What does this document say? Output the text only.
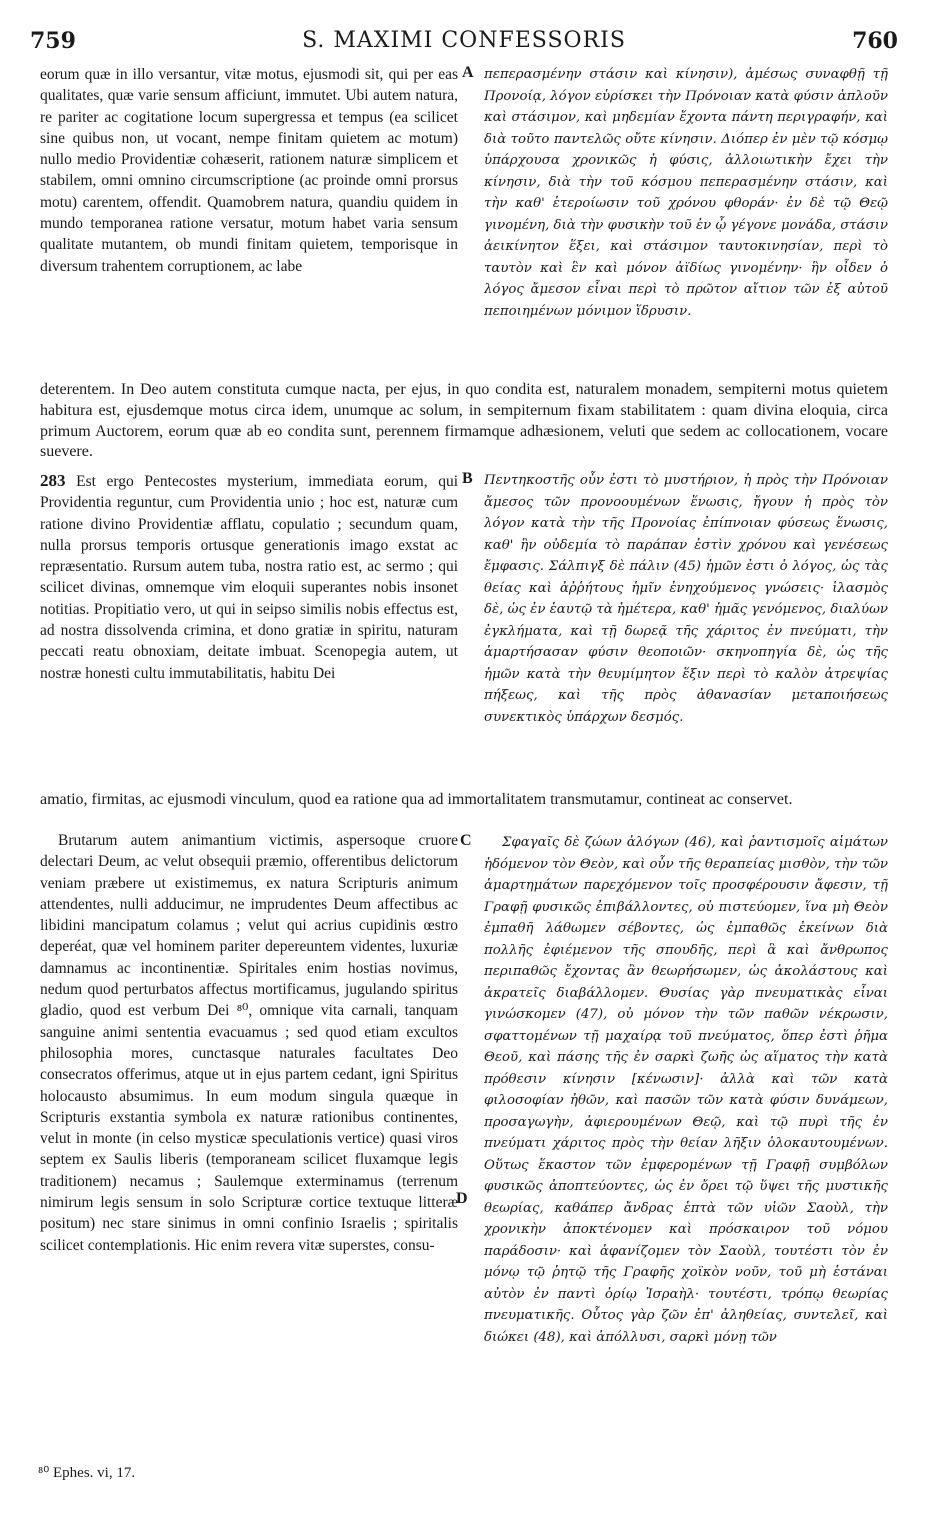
759	S. MAXIMI CONFESSORIS	760
eorum quæ in illo versantur, vitæ motus, ejusmodi sit, qui per eas qualitates, quæ varie sensum afficiunt, immutet. Ubi autem natura, re pariter ac cogitatione locum supergressa et tempus (ea scilicet sine quibus non, ut vocant, nempe finitam quietem ac motum) nullo medio Providentiæ cohæserit, rationem naturæ simplicem et stabilem, omni omnino circumscriptione (ac proinde omni prorsus motu) carentem, offendit. Quamobrem natura, quandiu quidem in mundo temporanea ratione versatur, motum habet varia sensum qualitate mutantem, ob mundi finitam quietem, temporisque in diversum trahentem corruptionem, ac labe
A πεπερασμένην στάσιν καὶ κίνησιν), ἀμέσως συναφθῇ τῇ Προνοίᾳ, λόγον εὑρίσκει τὴν Πρόνοιαν κατὰ φύσιν ἁπλοῦν καὶ στάσιμον, καὶ μηδεμίαν ἔχοντα πάντη περιγραφήν, καὶ διὰ τοῦτο παντελῶς οὔτε κίνησιν. Διόπερ ἐν μὲν τῷ κόσμῳ ὑπάρχουσα χρονικῶς ἡ φύσις, ἀλλοιωτικὴν ἔχει τὴν κίνησιν, διὰ τὴν τοῦ κόσμου πεπερασμένην στάσιν, καὶ τὴν καθ' ἑτεροίωσιν τοῦ χρόνου φθοράν· ἐν δὲ τῷ Θεῷ γινομένη, διὰ τὴν φυσικὴν τοῦ ἐν ᾧ γέγονε μονάδα, στάσιν ἀεικίνητον ἕξει, καὶ στάσιμον ταυτοκινησίαν, περὶ τὸ ταυτὸν καὶ ἓν καὶ μόνον ἀϊδίως γινομένην· ἣν οἶδεν ὁ λόγος ἄμεσον εἶναι περὶ τὸ πρῶτον αἴτιον τῶν ἐξ αὐτοῦ πεποιημένων μόνιμον ἵδρυσιν.
deterentem. In Deo autem constituta cumque nacta, per ejus, in quo condita est, naturalem monadem, sempiterni motus quietem habitura est, ejusdemque motus circa idem, unumque ac solum, in sempiternum fixam stabilitatem : quam divina eloquia, circa primum Auctorem, eorum quæ ab eo condita sunt, perennem firmamque adhæsionem, veluti que sedem ac collocationem, vocare suevere.
283 Est ergo Pentecostes mysterium, immediata eorum, qui Providentia reguntur, cum Providentia unio ; hoc est, naturæ cum ratione divino Providentiæ afflatu, copulatio ; secundum quam, nulla prorsus temporis ortusque generationis imago exstat ac repræsentatio. Rursum autem tuba, nostra ratio est, ac sermo ; qui scilicet divinas, omnemque vim eloquii superantes nobis insonet notitias. Propitiatio vero, ut qui in seipso similis nobis effectus est, ad nostra dissolvenda crimina, et dono gratiæ in spiritu, naturam peccati reatu obnoxiam, deitate imbuat. Scenopegia autem, ut nostræ honesti cultu immutabilitatis, habitu Dei
B Πεντηκοστῆς οὖν ἐστι τὸ μυστήριον, ἡ πρὸς τὴν Πρόνοιαν ἄμεσος τῶν προνοουμένων ἕνωσις, ἤγουν ἡ πρὸς τὸν λόγον κατὰ τὴν τῆς Προνοίας ἐπίπνοιαν φύσεως ἕνωσις, καθ' ἣν οὐδεμία τὸ παράπαν ἐστὶν χρόνου καὶ γενέσεως ἔμφασις. Σάλπιγξ δὲ πάλιν (45) ἡμῶν ἐστι ὁ λόγος, ὡς τὰς θείας καὶ ἀῤῥήτους ἡμῖν ἐνηχούμενος γνώσεις· ἱλασμὸς δὲ, ὡς ἐν ἑαυτῷ τὰ ἡμέτερα, καθ' ἡμᾶς γενόμενος, διαλύων ἐγκλήματα, καὶ τῇ δωρεᾷ τῆς χάριτος ἐν πνεύματι, τὴν ἁμαρτήσασαν φύσιν θεοποιῶν· σκηνοπηγία δὲ, ὡς τῆς ἡμῶν κατὰ τὴν θευμίμητον ἕξιν περὶ τὸ καλὸν ἀτρεψίας πήξεως, καὶ τῆς πρὸς ἀθανασίαν μεταποιήσεως συνεκτικὸς ὑπάρχων δεσμός.
amatio, firmitas, ac ejusmodi vinculum, quod ea ratione qua ad immortalitatem transmutamur, contineat ac conservet.
Brutarum autem animantium victimis, aspersoque cruore delectari Deum, ac velut obsequii præmio, offerentibus delictorum veniam præbere ut existimemus, ex natura Scripturis animum attendentes, nulli adducimur, ne imprudentes Deum affectibus ac libidini mancipatum colamus ; velut qui acrius cupidinis œstro deperéat, quæ vel hominem pariter depereuntem videntes, luxuriæ damnamus ac incontinentiæ. Spiritales enim hostias novimus, nedum quod perturbatos affectus mortificamus, jugulando spiritus gladio, quod est verbum Dei ⁸⁰, omnique vita carnali, tanquam sanguine animi sententia evacuamus ; sed quod etiam excultos philosophia mores, cunctasque naturales facultates Deo consecratos offerimus, atque ut in ejus partem cedant, igni Spiritus holocausto absumimus. In eum modum singula quæque in Scripturis exstantia symbola ex naturæ rationibus continentes, velut in monte (in celso mysticæ speculationis vertice) quasi viros septem ex Saulis liberis (temporaneam scilicet fluxamque legis traditionem) necamus ; Saulemque exterminamus (terrenum nimirum legis sensum in solo Scripturæ corticе textuque litteræ positum) nec stare sinimus in omni confinio Israelis ; spiritalis scilicet contemplationis. Hic enim revera vitæ superstes, consu-
C
D
Σφαγαῖς δὲ ζώων ἀλόγων (46), καὶ ῥαντισμοῖς αἱμάτων ἡδόμενον τὸν Θεὸν, καὶ οὖν τῆς θεραπείας μισθὸν, τὴν τῶν ἁμαρτημάτων παρεχόμενον τοῖς προσφέρουσιν ἄφεσιν, τῇ Γραφῇ φυσικῶς ἐπιβάλλοντες, οὐ πιστεύομεν, ἵνα μὴ Θεὸν ἐμπαθῆ λάθωμεν σέβοντες, ὡς ἐμπαθῶς ἐκείνων διὰ πολλῆς ἐφιέμενον τῆς σπουδῆς, περὶ ἃ καὶ ἄνθρωπος περιπαθῶς ἔχοντας ἂν θεωρήσωμεν, ὡς ἀκολάστους καὶ ἀκρατεῖς διαβάλλομεν. Θυσίας γὰρ πνευματικὰς εἶναι γινώσκομεν (47), οὐ μόνον τὴν τῶν παθῶν νέκρωσιν, σφαττομένων τῇ μαχαίρᾳ τοῦ πνεύματος, ὅπερ ἐστὶ ῥῆμα Θεοῦ, καὶ πάσης τῆς ἐν σαρκὶ ζωῆς ὡς αἵματος τὴν κατὰ πρόθεσιν κίνησιν [κένωσιν]· ἀλλὰ καὶ τῶν κατὰ φιλοσοφίαν ἠθῶν, καὶ πασῶν τῶν κατὰ φύσιν δυνάμεων, προσαγωγὴν, ἀφιερουμένων Θεῷ, καὶ τῷ πυρὶ τῆς ἐν πνεύματι χάριτος πρὸς τὴν θείαν λῆξιν ὁλοκαυτουμένων. Οὕτως ἕκαστον τῶν ἐμφερομένων τῇ Γραφῇ συμβόλων φυσικῶς ἀποπτεύοντες, ὡς ἐν ὄρει τῷ ὕψει τῆς μυστικῆς θεωρίας, καθάπερ ἄνδρας ἑπτὰ τῶν υἱῶν Σαοὺλ, τὴν χρονικὴν ἀποκτένομεν καὶ πρόσκαιρον τοῦ νόμου παράδοσιν· καὶ ἀφανίζομεν τὸν Σαοὺλ, τουτέστι τὸν ἐν μόνῳ τῷ ῥητῷ τῆς Γραφῆς χοϊκὸν νοῦν, τοῦ μὴ ἑστάναι αὐτὸν ἐν παντὶ ὁρίῳ Ἰσραὴλ· τουτέστι, τρόπῳ θεωρίας πνευματικῆς. Οὗτος γὰρ ζῶν ἐπ' ἀληθείας, συντελεῖ, καὶ διώκει (48), καὶ ἀπόλλυσι, σαρκὶ μόνῃ τῶν
⁸⁰ Ephes. vi, 17.
